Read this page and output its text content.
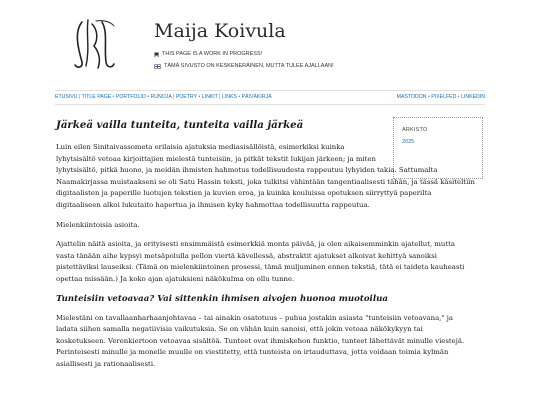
Maija Koivula
THIS PAGE IS A WORK IN PROGRESS!
TÄMÄ SIVUSTO ON KESKENERÄINEN, MUTTA TULEE AJALLAAN!
ETUSIVU | TITLE PAGE • PORTFOLIO • RUNOJA | POETRY • LINKIT | LINKS • PÄIVÄKIRJA	MASTODON • PIXELFED • LINKEDIN
ARKISTO
2025
Järkeä vailla tunteita, tunteita vailla järkeä

Luin eilen Sinitaivassometa erilaisia ajatuksia mediasisällöistä, esimerkiksi kuinka
lyhytsisältö vetoaa kirjoittajien mielestä tunteisiin, ja pitkät tekstit lukijan järkeen; ja miten
lyhytsisältö, pitkä huono, ja meidän ihmisten hahmotus todellisuudesta rappeutuu lyhyiden takia. Sattumalta
Naamakirjassa muistaakseni se oli Satu Hassin teksti, joka tulkitsi vähintään tangentiaalisesti tähän, ja tässä käsiteltiin
digitaalisten ja paperille luotujen tekstien ja kuvien eroa, ja kuinka kouluissa opetuksen siirryttyä paperilta
digitaaliseen alkoi lukutaito hapertua ja ihmisen kyky hahmottaa todellisuutta rappeutua.

Mielenkiintoisia asioita.

Ajattelin näitä asioita, ja erityisesti ensimmäistä esimerkkiä monta päivää, ja olen aikaisemminkin ajatellut, mutta
vasta tänään aihe kypsyi metsäpolulla pellon viertä kävellessä, abstraktit ajatukset alkoivat kehittyä sanoiksi
pistettäviksi lauseiksi. (Tämä on mielenkiintoinen prosessi, tämä muljuminen ennen tekstiä, tätä ei taideta kauheasti
opettaa missään.) Ja koko ajan ajatuksieni näkökulma on ollu tunne.

Tunteisiin vetoavaa? Vai sittenkin ihmisen aivojen huonoa muotoilua

Mielestäni on tavallaanharhaanjohtavaa – tai ainakin osatotuus – puhua jostakin asiasta "tunteisiin vetoavana," ja
ladata siihen samalla negatiivisia vaikutuksia. Se on vähän kuin sanoisi, että jokin vetoaa näkökykyyn tai
kosketukseen. Verenkiertoon vetoavaa sisältöä. Tunteet ovat ihmiskehon funktio, tunteet lähettävät minulle viestejä.
Perinteisesti minulle ja monelle muulle on viestitetty, että tunteista on irtauduttava, jotta voidaan toimia kylmän
asiallisesti ja rationaalisesti.
